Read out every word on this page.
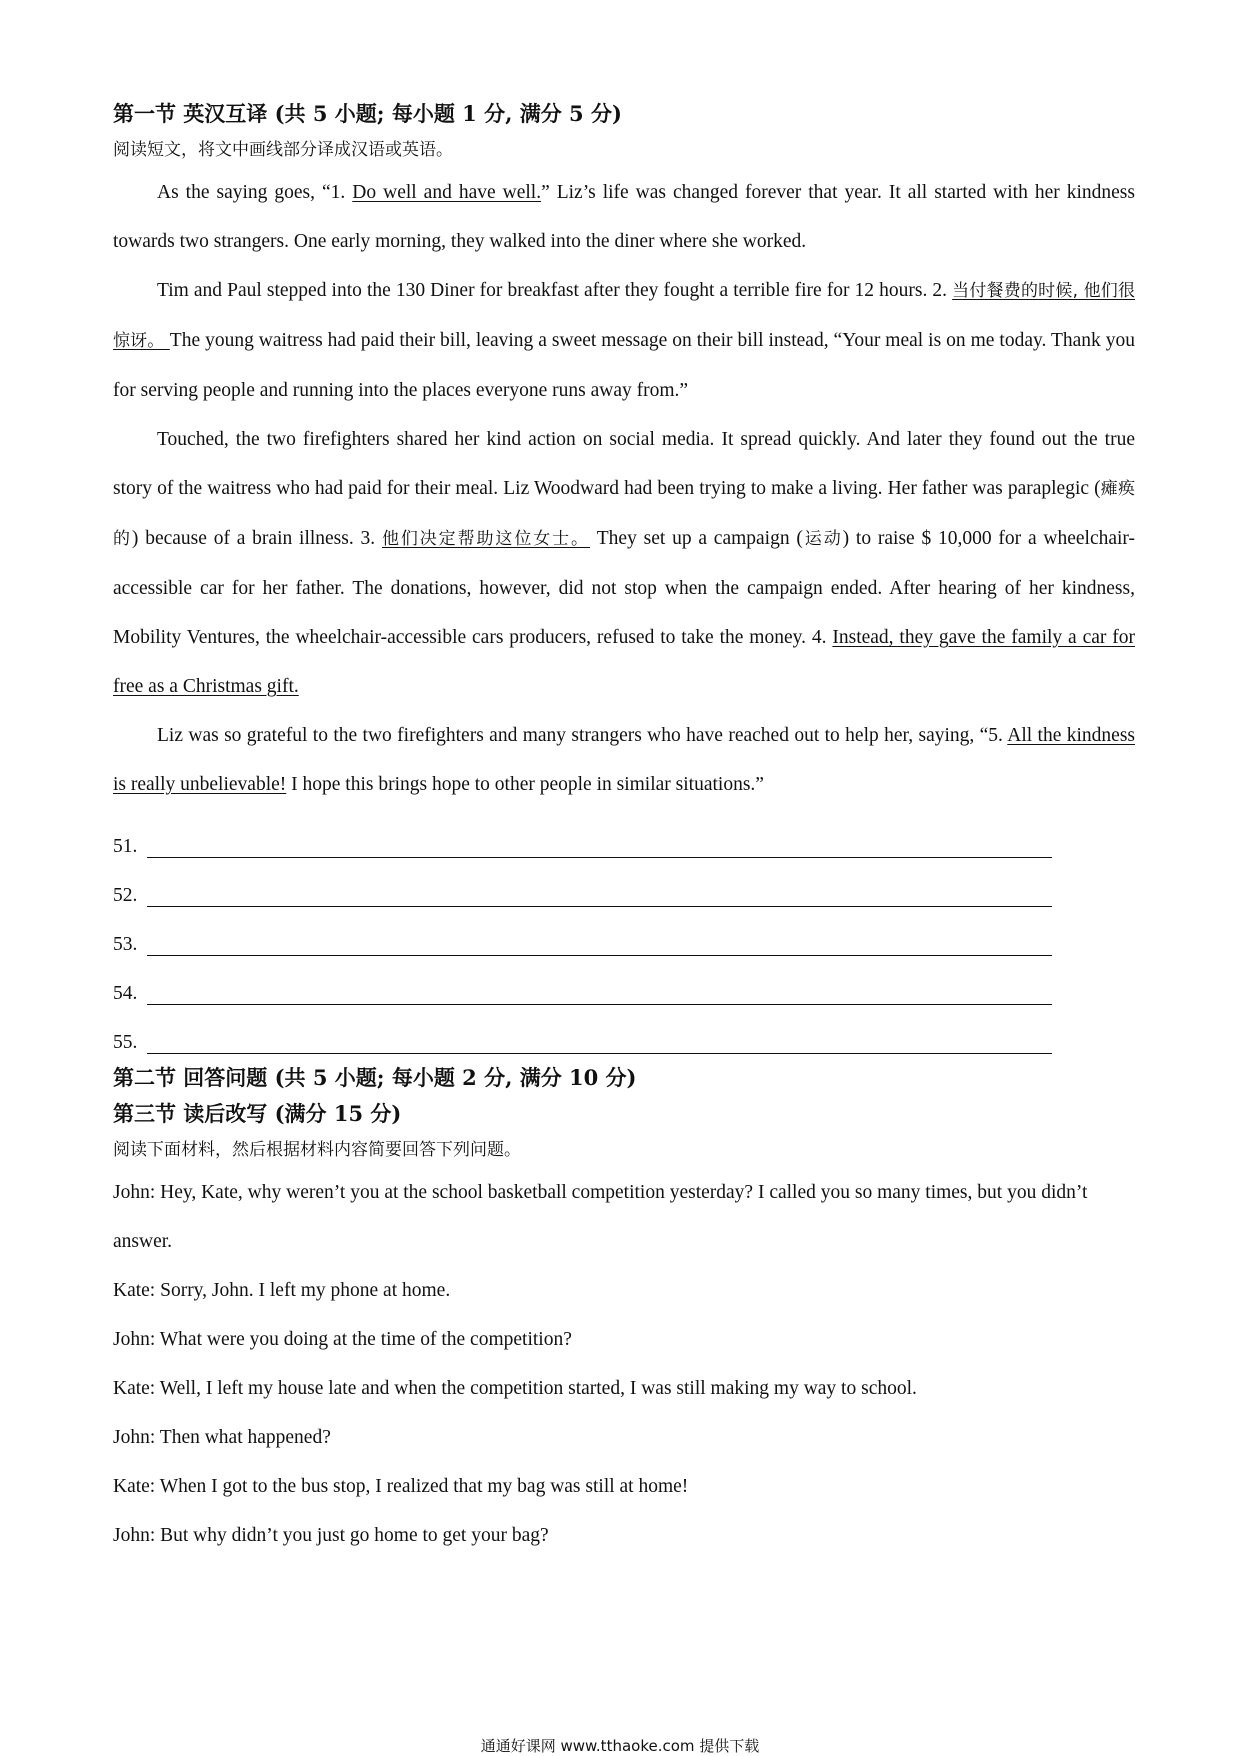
第一节 英汉互译 (共 5 小题; 每小题 1 分, 满分 5 分)
阅读短文，将文中画线部分译成汉语或英语。

As the saying goes, “1. Do well and have well.” Liz’s life was changed forever that year. It all started with her kindness towards two strangers. One early morning, they walked into the diner where she worked.

Tim and Paul stepped into the 130 Diner for breakfast after they fought a terrible fire for 12 hours. 2. 当付餐费的时候, 他们很惊讶。 The young waitress had paid their bill, leaving a sweet message on their bill instead, “Your meal is on me today. Thank you for serving people and running into the places everyone runs away from.”

Touched, the two firefighters shared her kind action on social media. It spread quickly. And later they found out the true story of the waitress who had paid for their meal. Liz Woodward had been trying to make a living. Her father was paraplegic (瘫痪的) because of a brain illness. 3. 他们决定帮助这位女士。 They set up a campaign (运动) to raise $ 10,000 for a wheelchair-accessible car for her father. The donations, however, did not stop when the campaign ended. After hearing of her kindness, Mobility Ventures, the wheelchair-accessible cars producers, refused to take the money. 4. Instead, they gave the family a car for free as a Christmas gift.

Liz was so grateful to the two firefighters and many strangers who have reached out to help her, saying, “5. All the kindness is really unbelievable! I hope this brings hope to other people in similar situations.”

51.
52.
53.
54.
55.
第二节 回答问题 (共 5 小题; 每小题 2 分, 满分 10 分)
第三节 读后改写 (满分 15 分)
阅读下面材料，然后根据材料内容简要回答下列问题。

John: Hey, Kate, why weren’t you at the school basketball competition yesterday? I called you so many times, but you didn’t answer.

Kate: Sorry, John. I left my phone at home.

John: What were you doing at the time of the competition?

Kate: Well, I left my house late and when the competition started, I was still making my way to school.

John: Then what happened?

Kate: When I got to the bus stop, I realized that my bag was still at home!

John: But why didn’t you just go home to get your bag?

通通好课网 www.tthaoke.com 提供下载
